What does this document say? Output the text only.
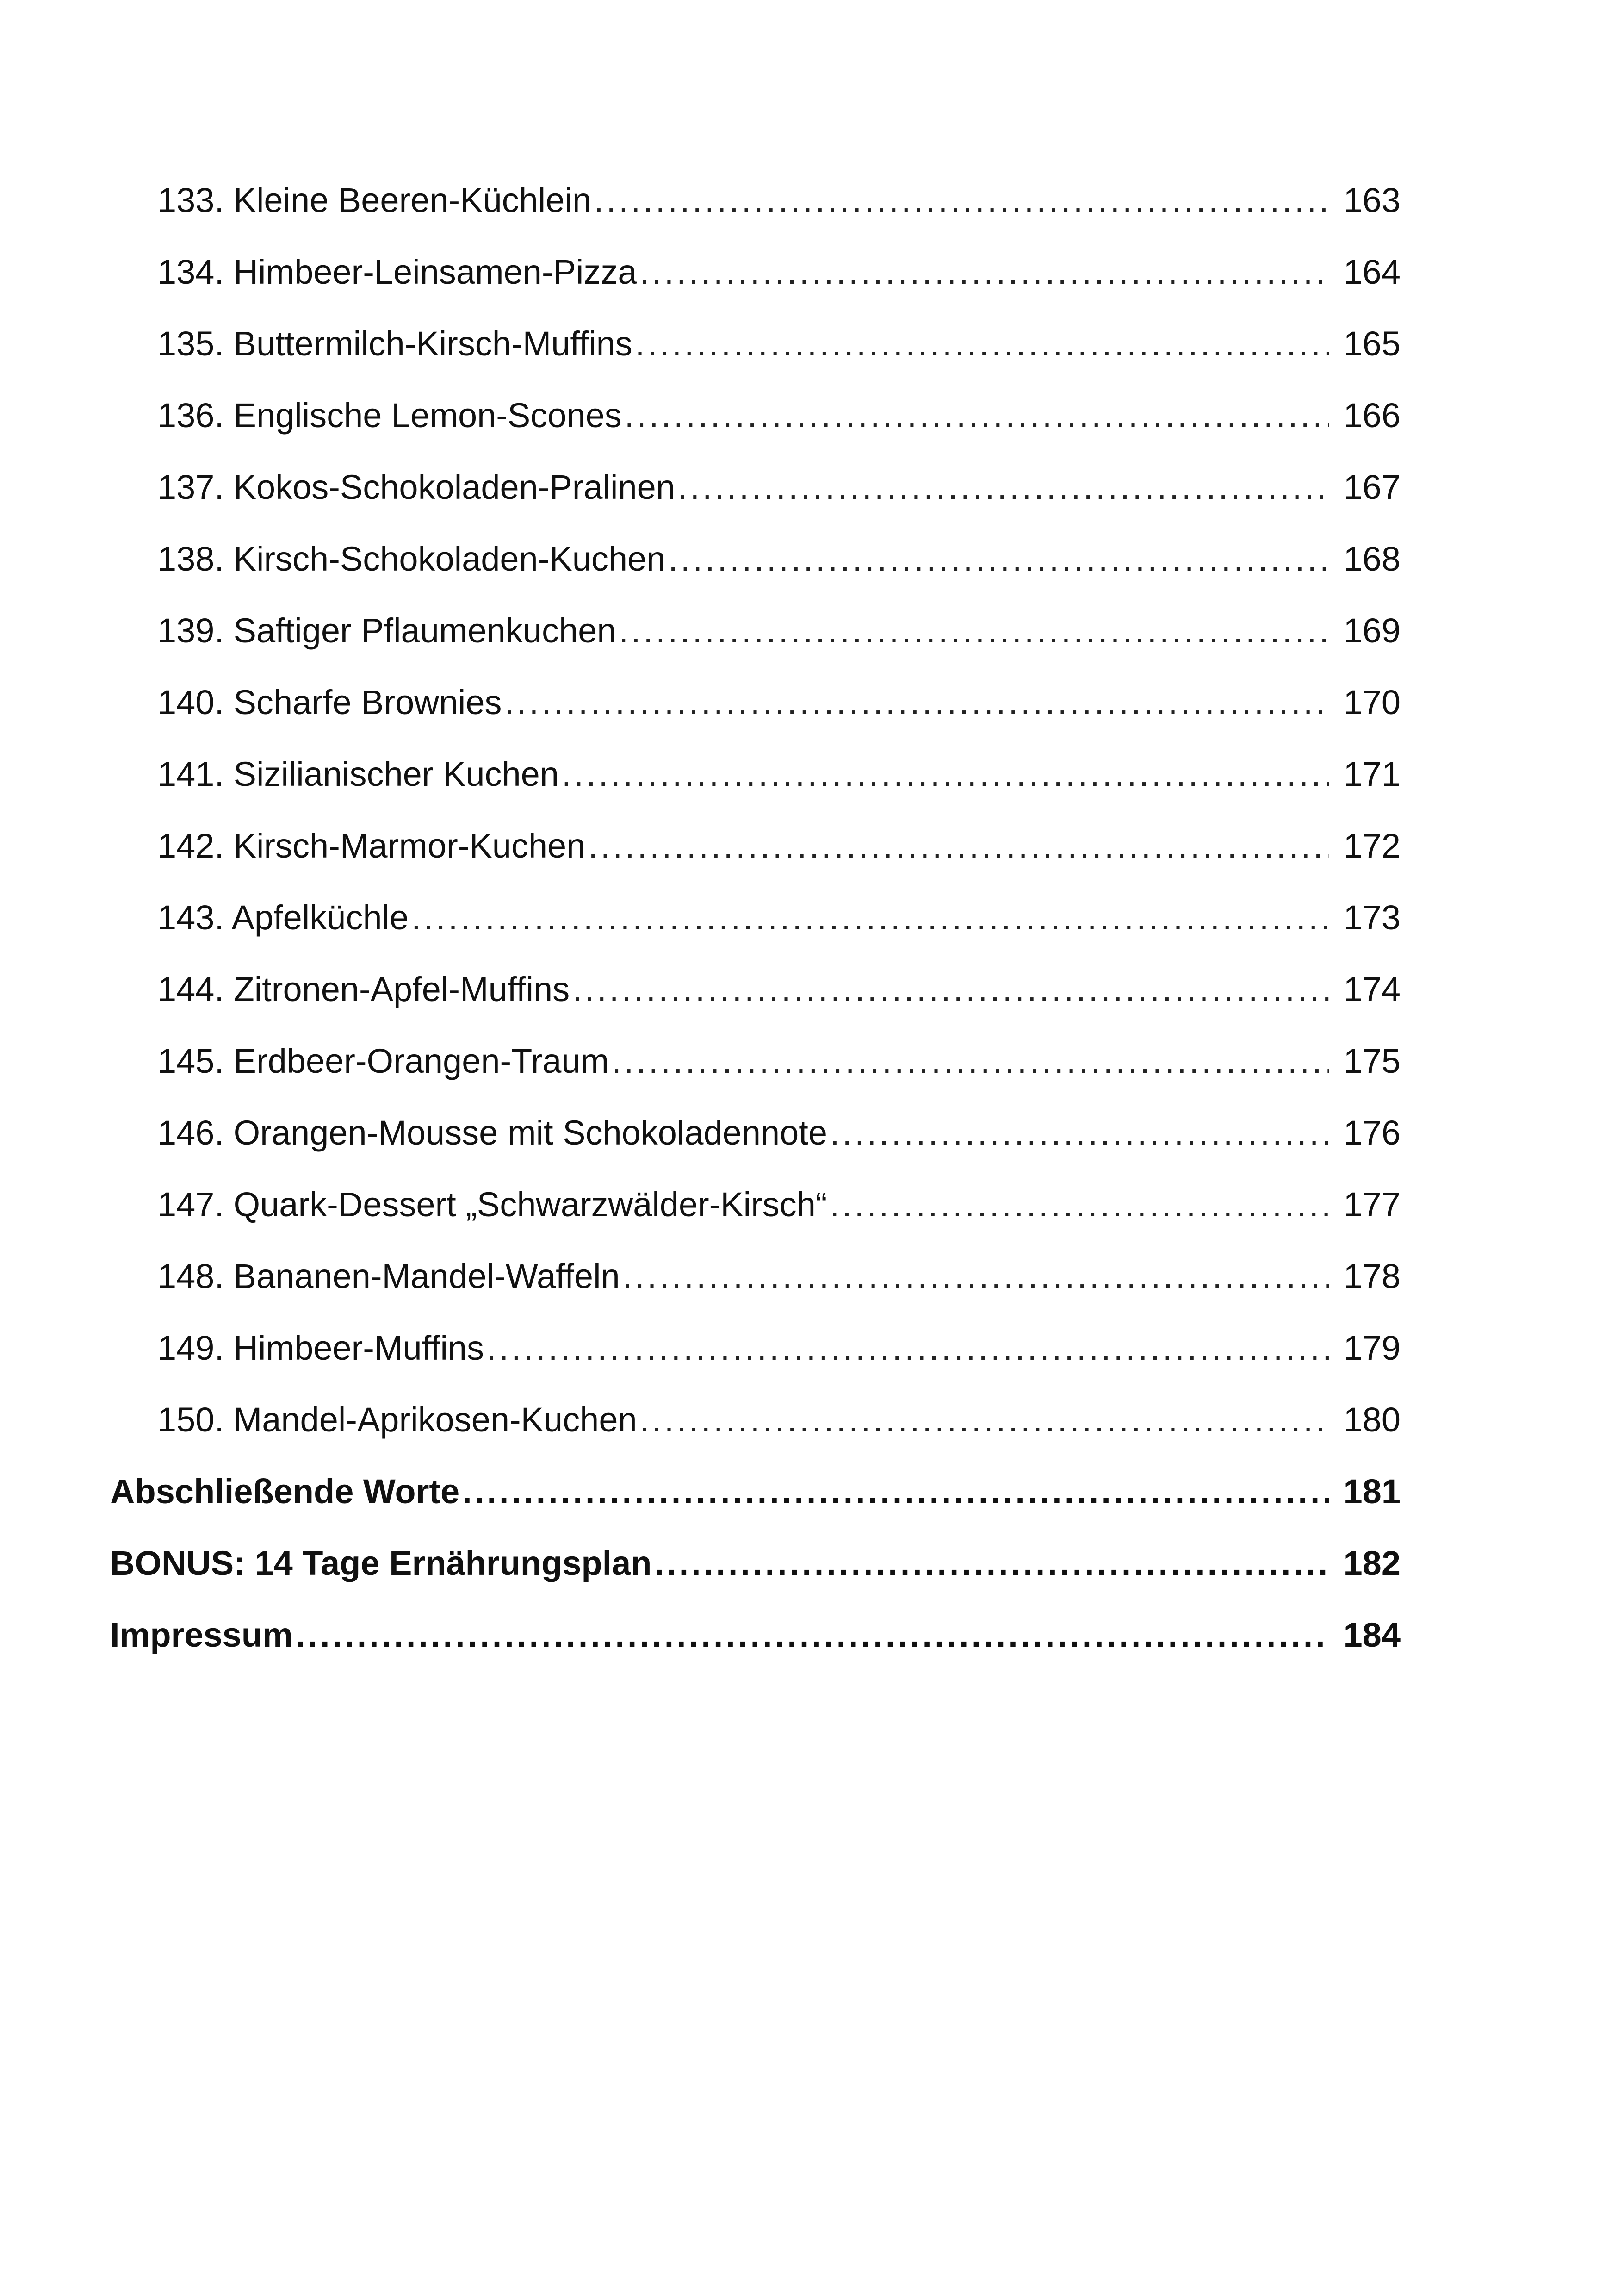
133. Kleine Beeren-Küchlein .....	163
134. Himbeer-Leinsamen-Pizza .....	164
135. Buttermilch-Kirsch-Muffins .....	165
136. Englische Lemon-Scones .....	166
137. Kokos-Schokoladen-Pralinen .....	167
138. Kirsch-Schokoladen-Kuchen .....	168
139. Saftiger Pflaumenkuchen .....	169
140. Scharfe Brownies .....	170
141. Sizilianischer Kuchen .....	171
142. Kirsch-Marmor-Kuchen .....	172
143. Apfelküchle .....	173
144. Zitronen-Apfel-Muffins .....	174
145. Erdbeer-Orangen-Traum .....	175
146. Orangen-Mousse mit Schokoladennote .....	176
147. Quark-Dessert „Schwarzwälder-Kirsch“ .....	177
148. Bananen-Mandel-Waffeln .....	178
149. Himbeer-Muffins .....	179
150. Mandel-Aprikosen-Kuchen .....	180
Abschließende Worte .....	181
BONUS: 14 Tage Ernährungsplan .....	182
Impressum .....	184
